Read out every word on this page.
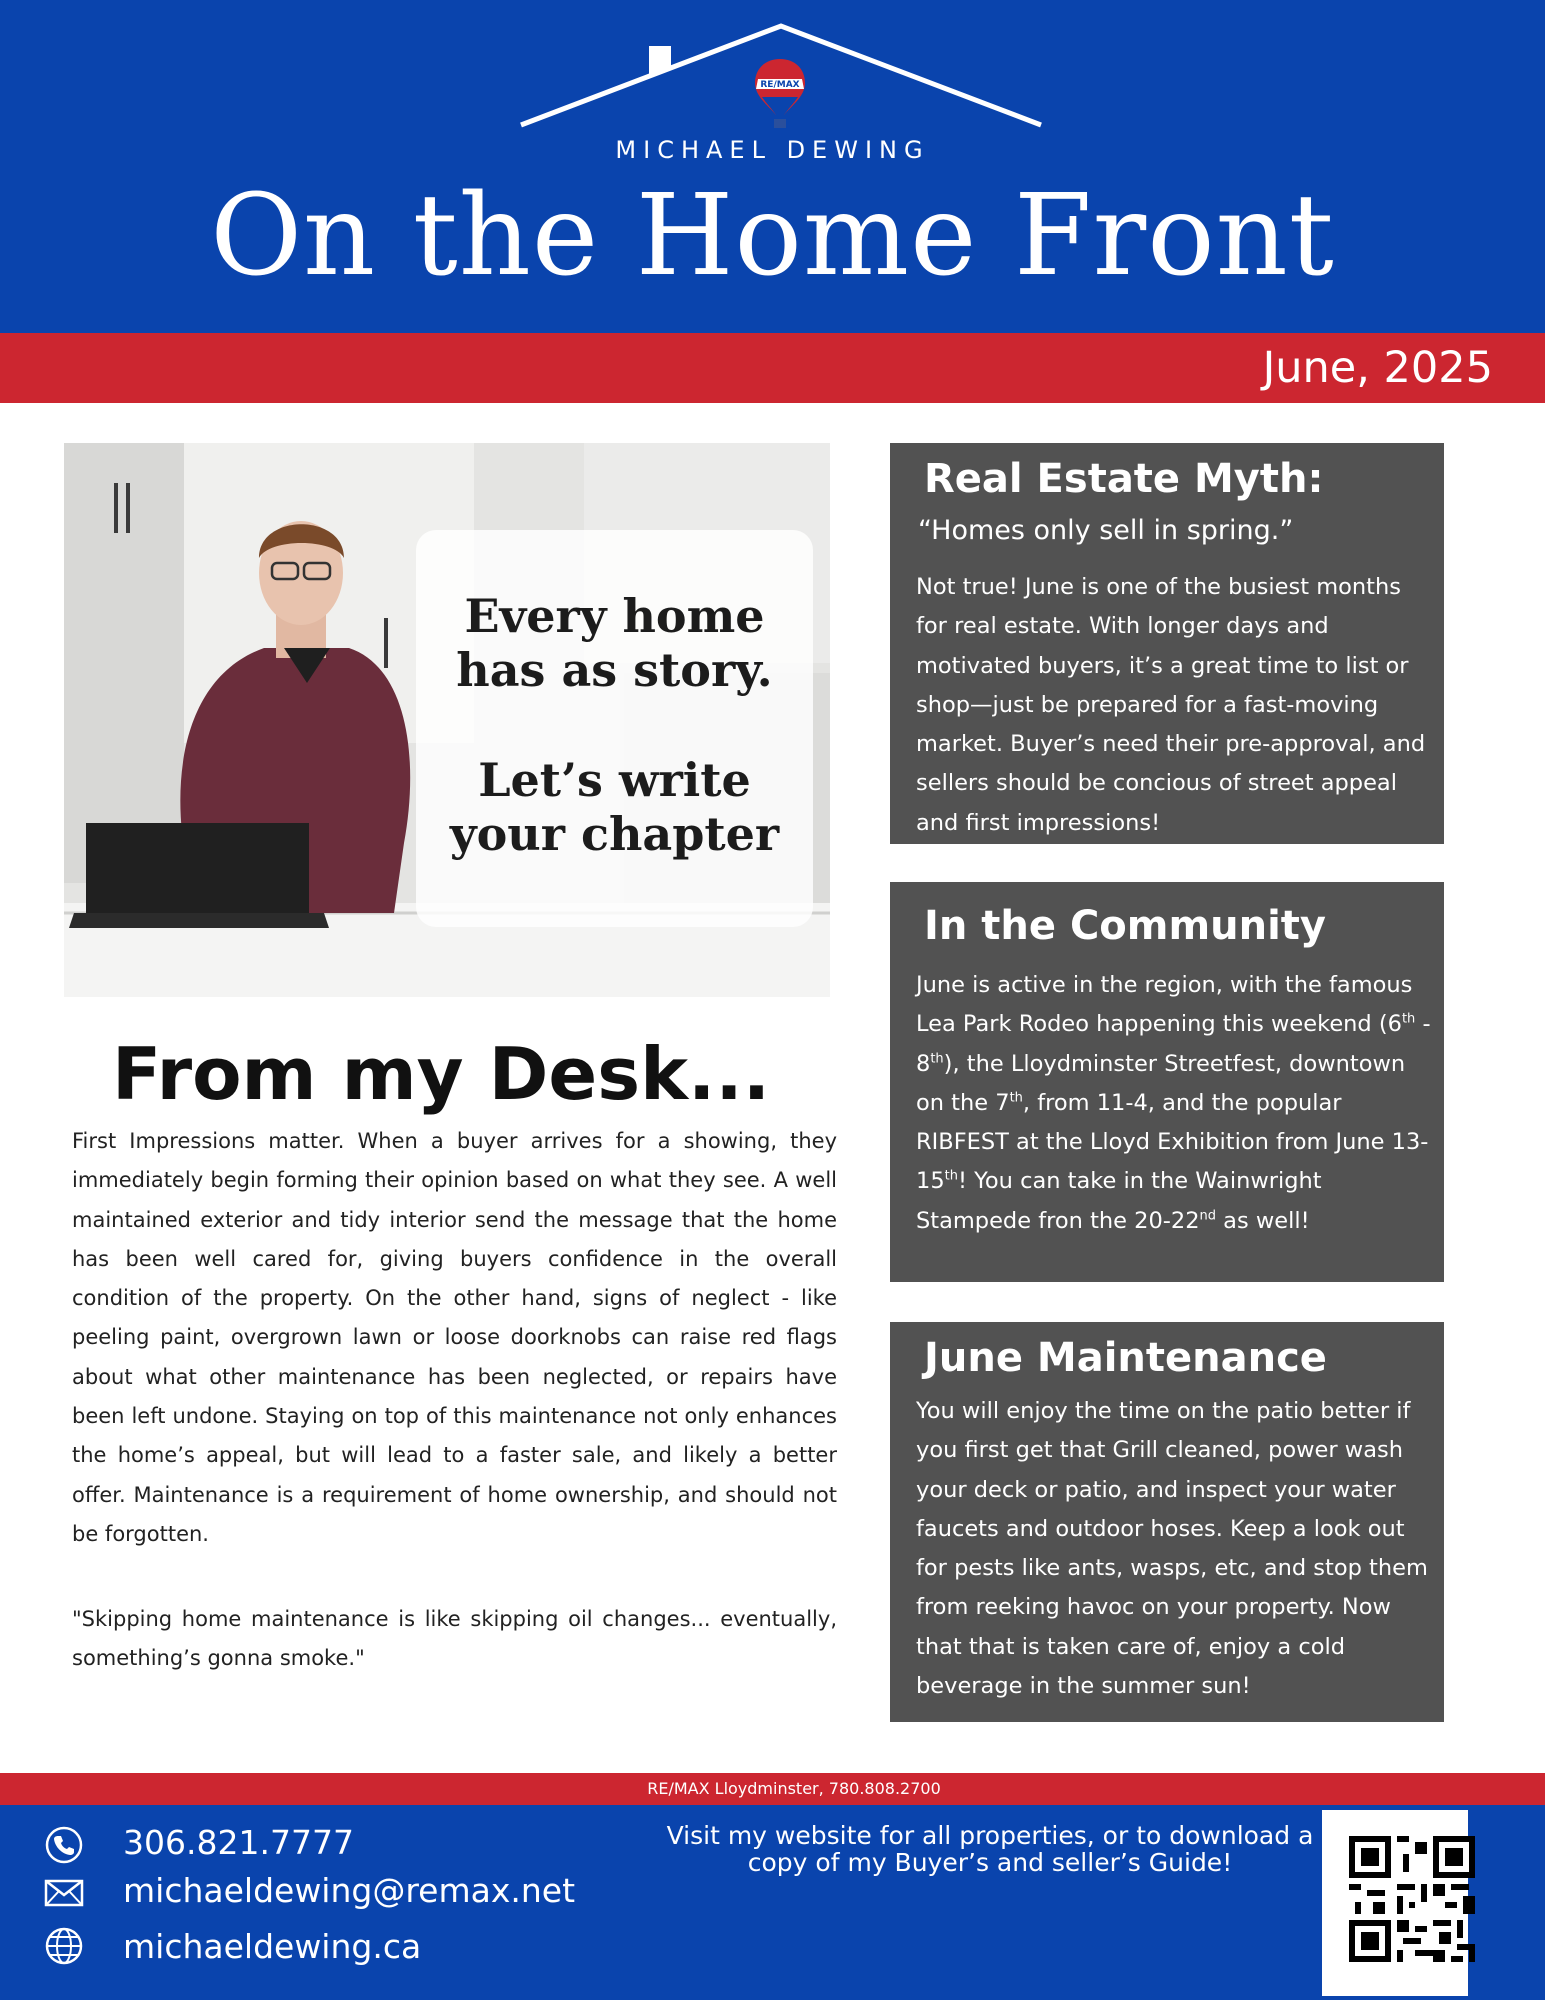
RE/MAX
MICHAEL DEWING
On the Home Front
June, 2025
Every home
has as story.
Let’s write
your chapter
From my Desk...
First Impressions matter. When a buyer arrives for a showing, they immediately begin forming their opinion based on what they see. A well maintained exterior and tidy interior send the message that the home has been well cared for, giving buyers confidence in the overall condition of the property. On the other hand, signs of neglect - like peeling paint, overgrown lawn or loose doorknobs can raise red flags about what other maintenance has been neglected, or repairs have been left undone. Staying on top of this maintenance not only enhances the home’s appeal, but will lead to a faster sale, and likely a better offer. Maintenance is a requirement of home ownership, and should not be forgotten.
"Skipping home maintenance is like skipping oil changes... eventually, something’s gonna smoke."
Real Estate Myth:
“Homes only sell in spring.”
Not true! June is one of the busiest months for real estate. With longer days and motivated buyers, it’s a great time to list or shop—just be prepared for a fast-moving market. Buyer’s need their pre-approval, and sellers should be concious of street appeal and first impressions!
In the Community
June is active in the region, with the famous Lea Park Rodeo happening this weekend (6th - 8th), the Lloydminster Streetfest, downtown on the 7th, from 11-4, and the popular RIBFEST at the Lloyd Exhibition from June 13- 15th! You can take in the Wainwright Stampede fron the 20-22nd as well!
June Maintenance
You will enjoy the time on the patio better if you first get that Grill cleaned, power wash your deck or patio, and inspect your water faucets and outdoor hoses. Keep a look out for pests like ants, wasps, etc, and stop them from reeking havoc on your property. Now that that is taken care of, enjoy a cold beverage in the summer sun!
RE/MAX Lloydminster, 780.808.2700
306.821.7777
michaeldewing@remax.net
michaeldewing.ca
Visit my website for all properties, or to download a copy of my Buyer’s and seller’s Guide!
